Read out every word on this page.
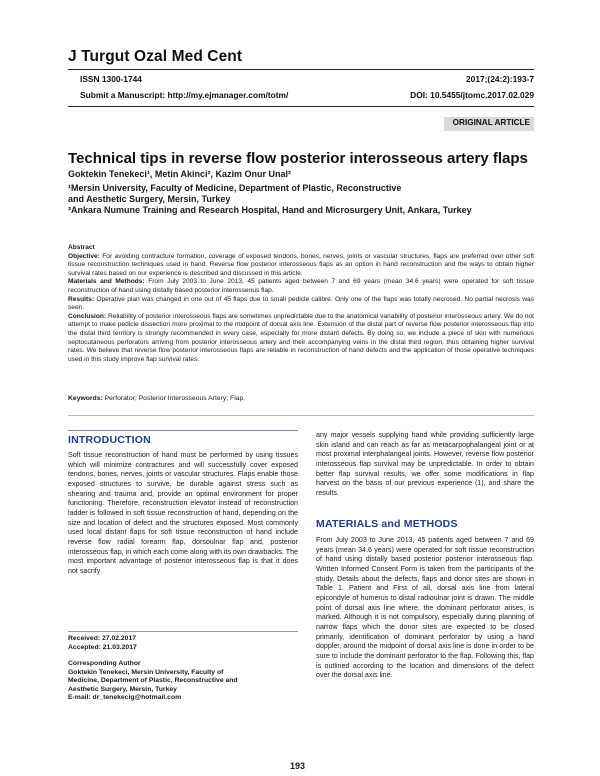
J Turgut Ozal Med Cent
ISSN 1300-1744	2017;(24:2):193-7
Submit a Manuscript: http://my.ejmanager.com/totm/	DOI: 10.5455/jtomc.2017.02.029
ORIGINAL ARTICLE
Technical tips in reverse flow posterior interosseous artery flaps
Goktekin Tenekeci¹, Metin Akinci², Kazim Onur Unal²
¹Mersin University, Faculty of Medicine, Department of Plastic, Reconstructive
and Aesthetic Surgery, Mersin, Turkey
²Ankara Numune Training and Research Hospital, Hand and Microsurgery Unit, Ankara, Turkey

Abstract

Objective: For avoiding contracture formation, coverage of exposed tendons, bones, nerves, joints or vascular structures, flaps are preferred over other soft tissue reconstruction techniques used in hand. Reverse flow posterior interosseous flaps as an option in hand reconstruction and the ways to obtain higher survival rates based on our experience is described and discussed in this article.

Materials and Methods: From July 2003 to June 2013, 45 patients aged between 7 and 69 years (mean 34.6 years) were operated for soft tissue reconstruction of hand using distally based posterior interosseous flap.

Results: Operative plan was changed in one out of 45 flaps due to small pedicle calibre. Only one of the flaps was totally necrosed. No partial necrosis was seen.

Conclusion: Reliability of posterior interosseous flaps are sometimes unpredictable due to the anatomical variability of posterior interosseous artery. We do not attempt to make pedicle dissection more proximal to the midpoint of dorsal axis line. Extension of the distal part of reverse flow posterior interosseous flap into the distal third territory is strongly recommended in every case, especially for more distant defects. By doing so, we include a piece of skin with numerious septocutaneous perforators arriving from posterior interosseous artery and their accompanying veins in the distal third region, thus obtaining higher survival rates. We believe that reverse flow posterior interosseous flaps are reliable in reconstruction of hand defects and the application of those operative techniques used in this study improve flap survival rates.

Keywords: Perforator; Posterior Interosseous Artery; Flap.
INTRODUCTION

Soft tissue reconstruction of hand must be performed by using tissues which will minimize contractures and will successfully cover exposed tendons, bones, nerves, joints or vascular structures. Flaps enable those exposed structures to survive, be durable against stress such as shearing and trauma and, provide an optimal environment for proper functioning. Therefore, reconstruction elevator instead of reconstruction ladder is followed in soft tissue reconstruction of hand, depending on the size and location of defect and the structures exposed. Most commonly used local distant flaps for soft tissue reconstruction of hand include reverse flow radial forearm flap, dorsoulnar flap and, posterior interosseous flap, in which each come along with its own drawbacks. The most important advantage of posterior interosseous flap is that it does not sacrify

Received: 27.02.2017
Accepted: 21.03.2017
Corresponding Author
Goktekin Tenekeci, Mersin University, Faculty of
Medicine, Department of Plastic, Reconstructive and
Aesthetic Surgery, Mersin, Turkey
E-mail: dr_tenekecig@hotmail.com

any major vessels supplying hand while providing sufficiently large skin island and can reach as far as metacarpophalangeal joint or at most proximal interphalangeal joints. However, reverse flow posterior interosseous flap survival may be unpredictable. In order to obtain better flap survival results, we offer some modifications in flap harvest on the basis of our previous experience (1), and share the results.

MATERIALS and METHODS

From July 2003 to June 2013, 45 patients aged between 7 and 69 years (mean 34.6 years) were operated for soft tissue reconstruction of hand using distally based posterior posterior interosseous flap. Written Informed Consent Form is taken from the participants of the study. Details about the defects, flaps and donor sites are shown in Table 1. Patient and First of all, dorsal axis line from lateral epicondyle of humerus to distal radioulnar joint is drawn. The middle point of dorsal axis line where, the dominant perforator arises, is marked. Although it is not compulsory, especially during planning of narrow flaps which the donor sites are expected to be closed primarily, identification of dominant perforator by using a hand doppler, around the midpoint of dorsal axis line is done in order to be sure to include the dominant perforator to the flap. Following this, flap is outlined according to the location and dimensions of the defect over the dorsal axis line.

193
